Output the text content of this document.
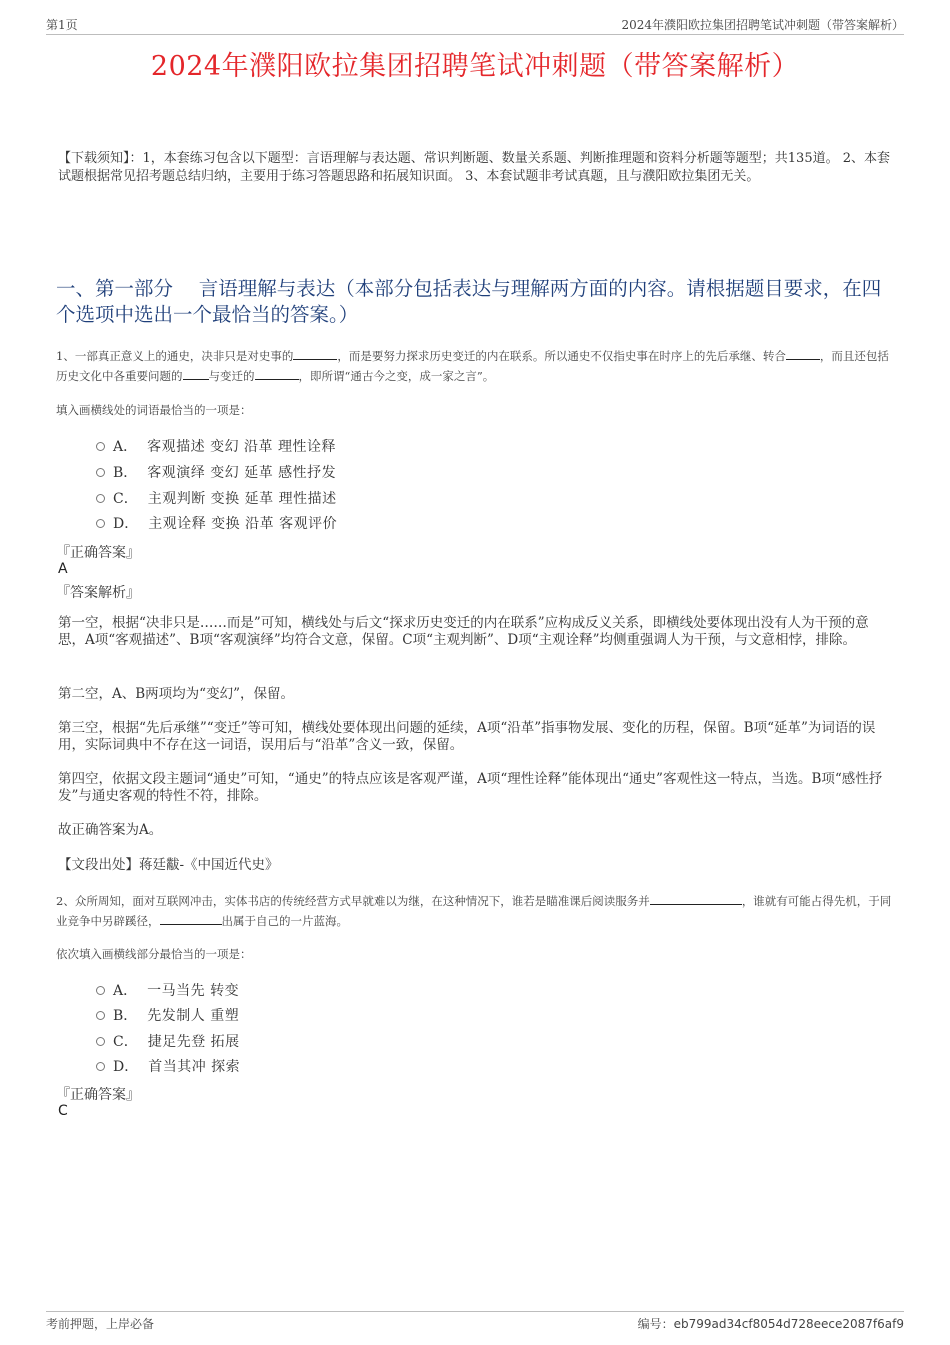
第1页	2024年濮阳欧拉集团招聘笔试冲刺题（带答案解析）
2024年濮阳欧拉集团招聘笔试冲刺题（带答案解析）
【下载须知】：1，本套练习包含以下题型：言语理解与表达题、常识判断题、数量关系题、判断推理题和资料分析题等题型；共135道。 2、本套试题根据常见招考题总结归纳，主要用于练习答题思路和拓展知识面。 3、本套试题非考试真题，且与濮阳欧拉集团无关。
一、第一部分　 言语理解与表达（本部分包括表达与理解两方面的内容。请根据题目要求，在四个选项中选出一个最恰当的答案。）
1、一部真正意义上的通史，决非只是对史事的	，而是要努力探求历史变迁的内在联系。所以通史不仅指史事在时序上的先后承继、转合	，而且还包括历史文化中各重要问题的 与变迁的	，即所谓“通古今之变，成一家之言”。
填入画横线处的词语最恰当的一项是：
A． 客观描述 变幻 沿革 理性诠释
B． 客观演绎 变幻 延革 感性抒发
C． 主观判断 变换 延革 理性描述
D． 主观诠释 变换 沿革 客观评价
『正确答案』
A
『答案解析』
第一空，根据“决非只是……而是”可知，横线处与后文“探求历史变迁的内在联系”应构成反义关系，即横线处要体现出没有人为干预的意思，A项“客观描述”、B项“客观演绎”均符合文意，保留。C项“主观判断”、D项“主观诠释”均侧重强调人为干预，与文意相悖，排除。
第二空，A、B两项均为“变幻”，保留。
第三空，根据“先后承继”“变迁”等可知，横线处要体现出问题的延续，A项“沿革”指事物发展、变化的历程，保留。B项“延革”为词语的误用，实际词典中不存在这一词语，误用后与“沿革”含义一致，保留。
第四空，依据文段主题词“通史”可知，“通史”的特点应该是客观严谨，A项“理性诠释”能体现出“通史”客观性这一特点，当选。B项“感性抒发”与通史客观的特性不符，排除。
故正确答案为A。
【文段出处】蒋廷黻-《中国近代史》
2、众所周知，面对互联网冲击，实体书店的传统经营方式早就难以为继，在这种情况下，谁若是瞄准课后阅读服务并	，谁就有可能占得先机，于同业竞争中另辟蹊径，	出属于自己的一片蓝海。
依次填入画横线部分最恰当的一项是：
A． 一马当先 转变
B． 先发制人 重塑
C． 捷足先登 拓展
D． 首当其冲 探索
『正确答案』
C
考前押题，上岸必备	编号：eb799ad34cf8054d728eece2087f6af9
